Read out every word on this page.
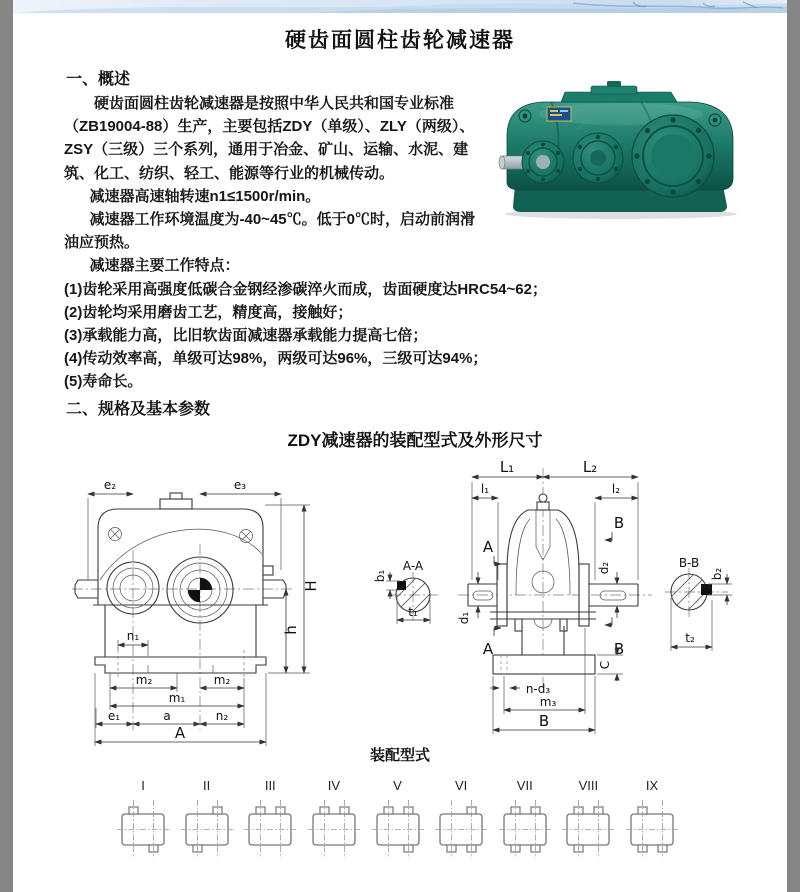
硬齿面圆柱齿轮减速器
一、概述

硬齿面圆柱齿轮减速器是按照中华人民共和国专业标准（ZB19004-88）生产，主要包括ZDY（单级）、ZLY（两级）、ZSY（三级）三个系列，通用于冶金、矿山、运输、水泥、建筑、化工、纺织、轻工、能源等行业的机械传动。

减速器高速轴转速n1≤1500r/min。

减速器工作环境温度为-40~45℃。低于0℃时，启动前润滑油应预热。

减速器主要工作特点：

(1)齿轮采用高强度低碳合金钢经渗碳淬火而成，齿面硬度达HRC54~62；

(2)齿轮均采用磨齿工艺，精度高，接触好；

(3)承载能力高，比旧软齿面减速器承载能力提高七倍；

(4)传动效率高，单级可达98%，两级可达96%，三级可达94%；

(5)寿命长。

二、规格及基本参数
ZDY减速器的装配型式及外形尺寸
e₂	e₃
H
h
n₁
m₂	m₂
m₁
e₁	a	n₂
A
A-A
b₁
t₁
L₁	L₂
l₁	l₂
B
B
A
A
d₁
d₂
C
n-d₃
m₃
B
B-B
b₂
t₂
装配型式
I	II	III	IV	V	VI	VII	VIII	IX
